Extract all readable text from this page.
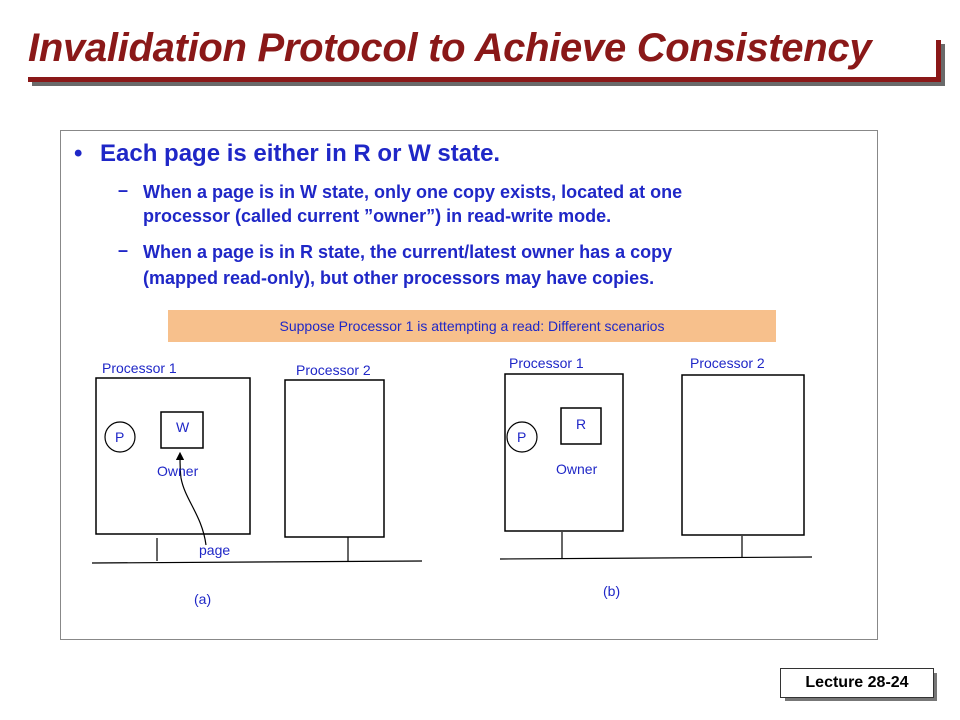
Invalidation Protocol to Achieve Consistency
• Each page is either in R or W state.
– When a page is in W state, only one copy exists, located at one
processor (called current ”owner”) in read-write mode.
– When a page is in R state, the current/latest owner has a copy
(mapped read-only), but other processors may have copies.
Suppose Processor 1 is attempting a read: Different scenarios
Processor 1	Processor 2
W
P
Owner
page
(a)
Processor 1	Processor 2
R
P
Owner
(b)
Lecture 28-24
